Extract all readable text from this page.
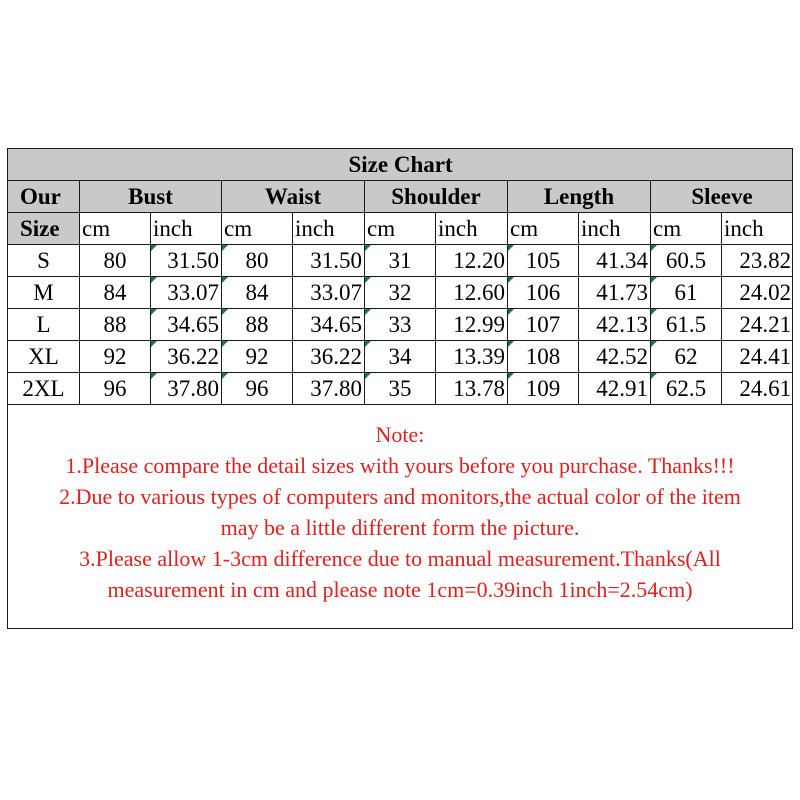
Size Chart										
Our	Bust		Waist		Shoulder		Length		Sleeve	
Size	cm	inch	cm	inch	cm	inch	cm	inch	cm	inch
S	80	31.50	80	31.50	31	12.20	105	41.34	60.5	23.82
M	84	33.07	84	33.07	32	12.60	106	41.73	61	24.02
L	88	34.65	88	34.65	33	12.99	107	42.13	61.5	24.21
XL	92	36.22	92	36.22	34	13.39	108	42.52	62	24.41
2XL	96	37.80	96	37.80	35	13.78	109	42.91	62.5	24.61
Note:
1.Please compare the detail sizes with yours before you purchase. Thanks!!!
2.Due to various types of computers and monitors,the actual color of the item
may be a little different form the picture.
3.Please allow 1-3cm difference due to manual measurement.Thanks(All
measurement in cm and please note 1cm=0.39inch 1inch=2.54cm)
